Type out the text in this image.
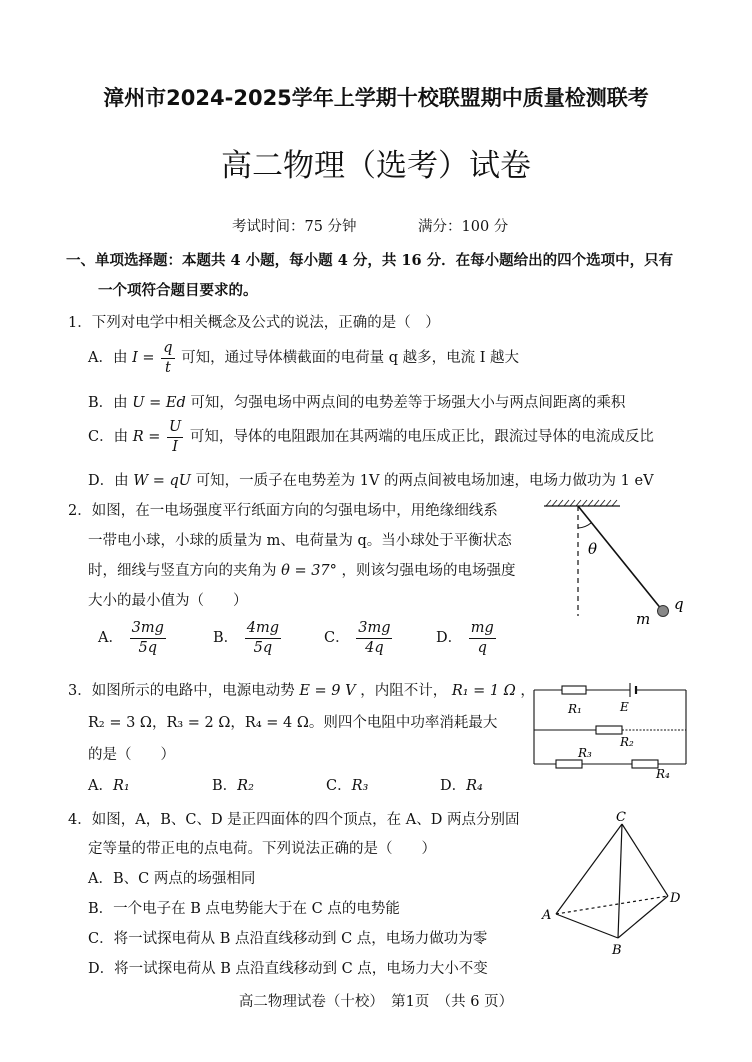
漳州市2024-2025学年上学期十校联盟期中质量检测联考
高二物理（选考）试卷
考试时间：75 分钟	满分：100 分
一、单项选择题：本题共 4 小题，每小题 4 分，共 16 分．在每小题给出的四个选项中，只有
一个项符合题目要求的。
1．下列对电学中相关概念及公式的说法，正确的是（　）
A．由 $I = \frac{q}{t}$ 可知，通过导体横截面的电荷量 q 越多，电流 I 越大
B．由 U = Ed 可知，匀强电场中两点间的电势差等于场强大小与两点间距离的乘积
C．由 $R = \frac{U}{I}$ 可知，导体的电阻跟加在其两端的电压成正比，跟流过导体的电流成反比
D．由 W = qU 可知，一质子在电势差为 1V 的两点间被电场加速，电场力做功为 1 eV
2．如图，在一电场强度平行纸面方向的匀强电场中，用绝缘细线系
一带电小球，小球的质量为 m、电荷量为 q。当小球处于平衡状态
时，细线与竖直方向的夹角为 θ = 37° ，则该匀强电场的电场强度
大小的最小值为（　　）
A． $\frac{3mg}{5q}$	B． $\frac{4mg}{5q}$	C． $\frac{3mg}{4q}$	D． $\frac{mg}{q}$
θ
m
q
3．如图所示的电路中，电源电动势 E = 9 V ，内阻不计， R₁ = 1 Ω ，
R₂ = 3 Ω，R₃ = 2 Ω，R₄ = 4 Ω。则四个电阻中功率消耗最大
的是（　　）
A．R₁	B．R₂	C．R₃	D．R₄
R₁	E
R₂
R₃
R₄
4．如图，A，B、C、D 是正四面体的四个顶点，在 A、D 两点分别固
定等量的带正电的点电荷。下列说法正确的是（　　）
A．B、C 两点的场强相同
B．一个电子在 B 点电势能大于在 C 点的电势能
C．将一试探电荷从 B 点沿直线移动到 C 点，电场力做功为零
D．将一试探电荷从 B 点沿直线移动到 C 点，电场力大小不变
C
A
B
D
高二物理试卷（十校）　第1页　（共 6 页）
